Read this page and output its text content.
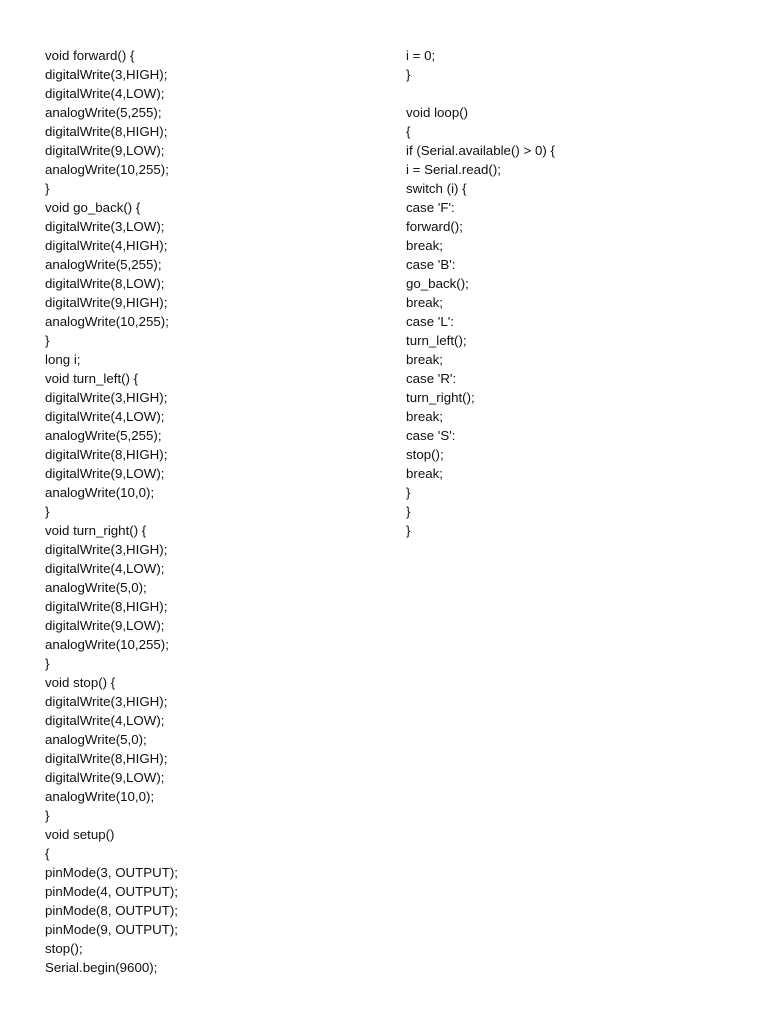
void forward() {
digitalWrite(3,HIGH);
digitalWrite(4,LOW);
analogWrite(5,255);
digitalWrite(8,HIGH);
digitalWrite(9,LOW);
analogWrite(10,255);
}
void go_back() {
digitalWrite(3,LOW);
digitalWrite(4,HIGH);
analogWrite(5,255);
digitalWrite(8,LOW);
digitalWrite(9,HIGH);
analogWrite(10,255);
}
long i;
void turn_left() {
digitalWrite(3,HIGH);
digitalWrite(4,LOW);
analogWrite(5,255);
digitalWrite(8,HIGH);
digitalWrite(9,LOW);
analogWrite(10,0);
}
void turn_right() {
digitalWrite(3,HIGH);
digitalWrite(4,LOW);
analogWrite(5,0);
digitalWrite(8,HIGH);
digitalWrite(9,LOW);
analogWrite(10,255);
}
void stop() {
digitalWrite(3,HIGH);
digitalWrite(4,LOW);
analogWrite(5,0);
digitalWrite(8,HIGH);
digitalWrite(9,LOW);
analogWrite(10,0);
}
void setup()
{
pinMode(3, OUTPUT);
pinMode(4, OUTPUT);
pinMode(8, OUTPUT);
pinMode(9, OUTPUT);
stop();
Serial.begin(9600);
i = 0;
}
void loop()
{
if (Serial.available() > 0) {
i = Serial.read();
switch (i) {
case 'F':
forward();
break;
case 'B':
go_back();
break;
case 'L':
turn_left();
break;
case 'R':
turn_right();
break;
case 'S':
stop();
break;
}
}
}
